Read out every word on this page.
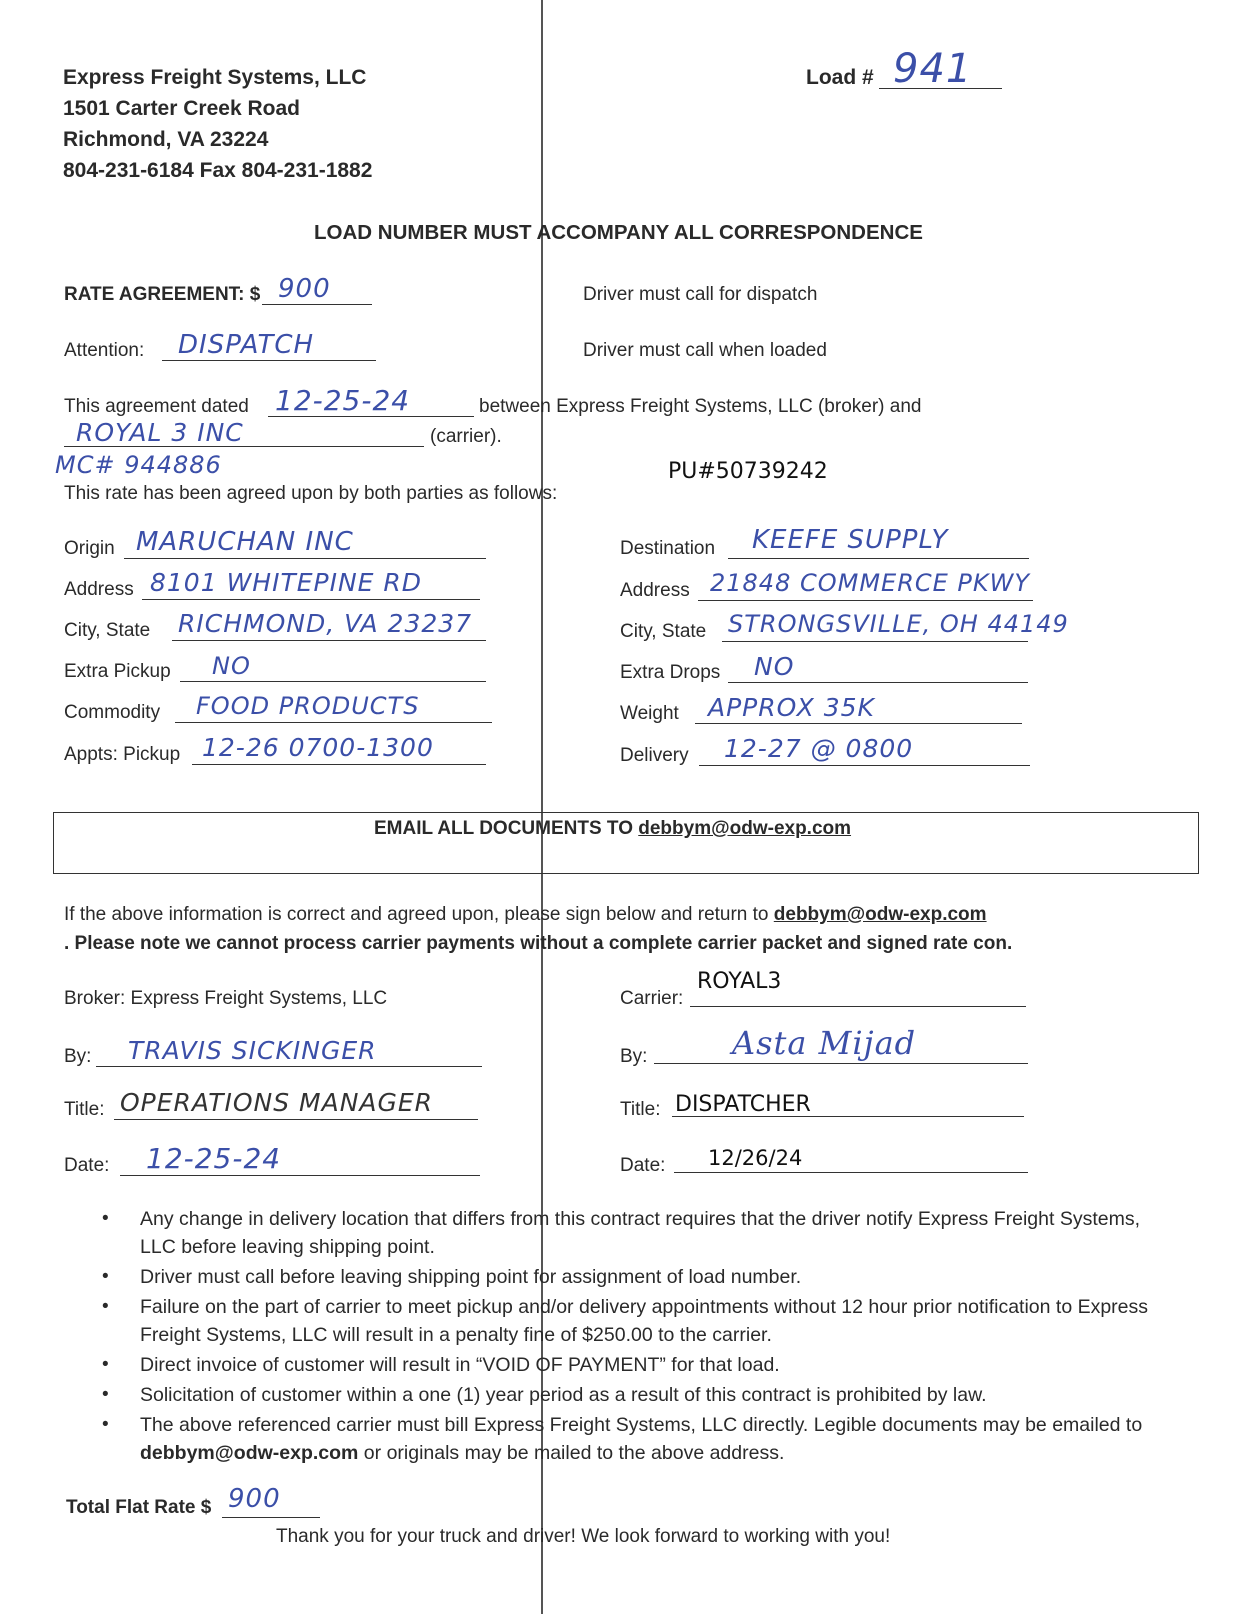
Express Freight Systems, LLC
1501 Carter Creek Road
Richmond, VA 23224
804-231-6184 Fax 804-231-1882
Load # 941
LOAD NUMBER MUST ACCOMPANY ALL CORRESPONDENCE
RATE AGREEMENT: $ 900	Driver must call for dispatch
Attention: DISPATCH	Driver must call when loaded
This agreement dated 12-25-24	between Express Freight Systems, LLC (broker) and
ROYAL 3 INC	(carrier).
MC# 944886	PU#50739242
This rate has been agreed upon by both parties as follows:
Origin MARUCHAN INC
Address 8101 WHITEPINE RD
City, State RICHMOND, VA 23237
Extra Pickup NO
Commodity FOOD PRODUCTS
Appts: Pickup 12-26 0700-1300
Destination KEEFE SUPPLY
Address 21848 COMMERCE PKWY
City, State STRONGSVILLE, OH 44149
Extra Drops NO
Weight APPROX 35K
Delivery 12-27 @ 0800
EMAIL ALL DOCUMENTS TO debbym@odw-exp.com
If the above information is correct and agreed upon, please sign below and return to debbym@odw-exp.com
. Please note we cannot process carrier payments without a complete carrier packet and signed rate con.
Broker: Express Freight Systems, LLC
By: TRAVIS SICKINGER
Title: OPERATIONS MANAGER
Date: 12-25-24
Carrier:
ROYAL3
By:	Asta Mijad
Title: DISPATCHER
Date: 12/26/24
• Any change in delivery location that differs from this contract requires that the driver notify Express Freight Systems, LLC before leaving shipping point.
• Driver must call before leaving shipping point for assignment of load number.
• Failure on the part of carrier to meet pickup and/or delivery appointments without 12 hour prior notification to Express Freight Systems, LLC will result in a penalty fine of $250.00 to the carrier.
• Direct invoice of customer will result in “VOID OF PAYMENT” for that load.
• Solicitation of customer within a one (1) year period as a result of this contract is prohibited by law.
• The above referenced carrier must bill Express Freight Systems, LLC directly. Legible documents may be emailed to debbym@odw-exp.com or originals may be mailed to the above address.
Total Flat Rate $ 900
Thank you for your truck and driver! We look forward to working with you!
